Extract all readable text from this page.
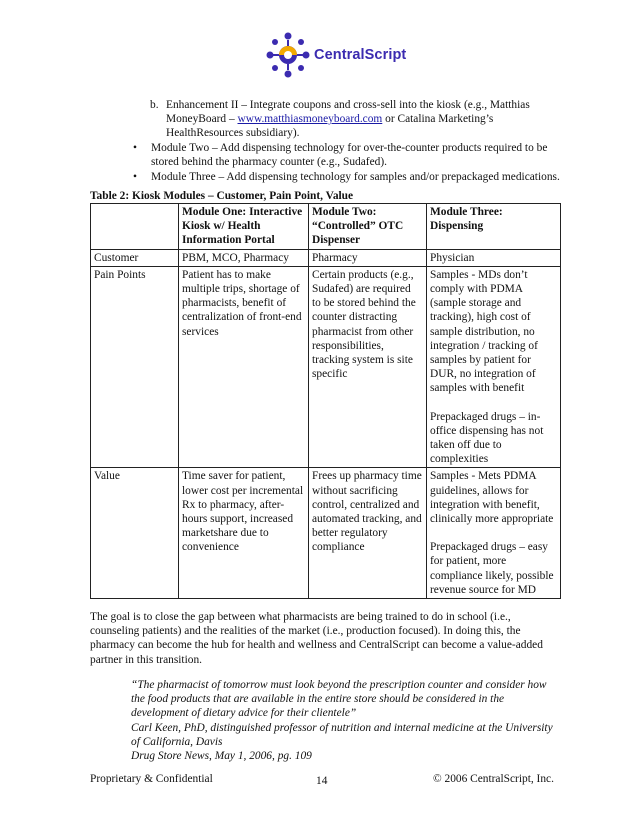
CentralScript
b. Enhancement II – Integrate coupons and cross-sell into the kiosk (e.g., Matthias MoneyBoard – www.matthiasmoneyboard.com or Catalina Marketing’s HealthResources subsidiary).
• Module Two – Add dispensing technology for over-the-counter products required to be stored behind the pharmacy counter (e.g., Sudafed).
• Module Three – Add dispensing technology for samples and/or prepackaged medications.
Table 2: Kiosk Modules – Customer, Pain Point, Value
	Module One: Interactive Kiosk w/ Health Information Portal	Module Two: “Controlled” OTC Dispenser	Module Three: Dispensing
Customer	PBM, MCO, Pharmacy	Pharmacy	Physician
Pain Points	Patient has to make multiple trips, shortage of pharmacists, benefit of centralization of front-end services	Certain products (e.g., Sudafed) are required to be stored behind the counter distracting pharmacist from other responsibilities, tracking system is site specific	Samples - MDs don’t comply with PDMA (sample storage and tracking), high cost of sample distribution, no integration / tracking of samples by patient for DUR, no integration of samples with benefit
Prepackaged drugs – in-office dispensing has not taken off due to complexities

Value	Time saver for patient, lower cost per incremental Rx to pharmacy, after-hours support, increased marketshare due to convenience	Frees up pharmacy time without sacrificing control, centralized and automated tracking, and better regulatory compliance	Samples - Mets PDMA guidelines, allows for integration with benefit, clinically more appropriate
Prepackaged drugs – easy for patient, more compliance likely, possible revenue source for MD
The goal is to close the gap between what pharmacists are being trained to do in school (i.e., counseling patients) and the realities of the market (i.e., production focused). In doing this, the pharmacy can become the hub for health and wellness and CentralScript can become a value-added partner in this transition.
“The pharmacist of tomorrow must look beyond the prescription counter and consider how the food products that are available in the entire store should be considered in the development of dietary advice for their clientele”
Carl Keen, PhD, distinguished professor of nutrition and internal medicine at the University of California, Davis
Drug Store News, May 1, 2006, pg. 109
Proprietary & Confidential	14	© 2006 CentralScript, Inc.
